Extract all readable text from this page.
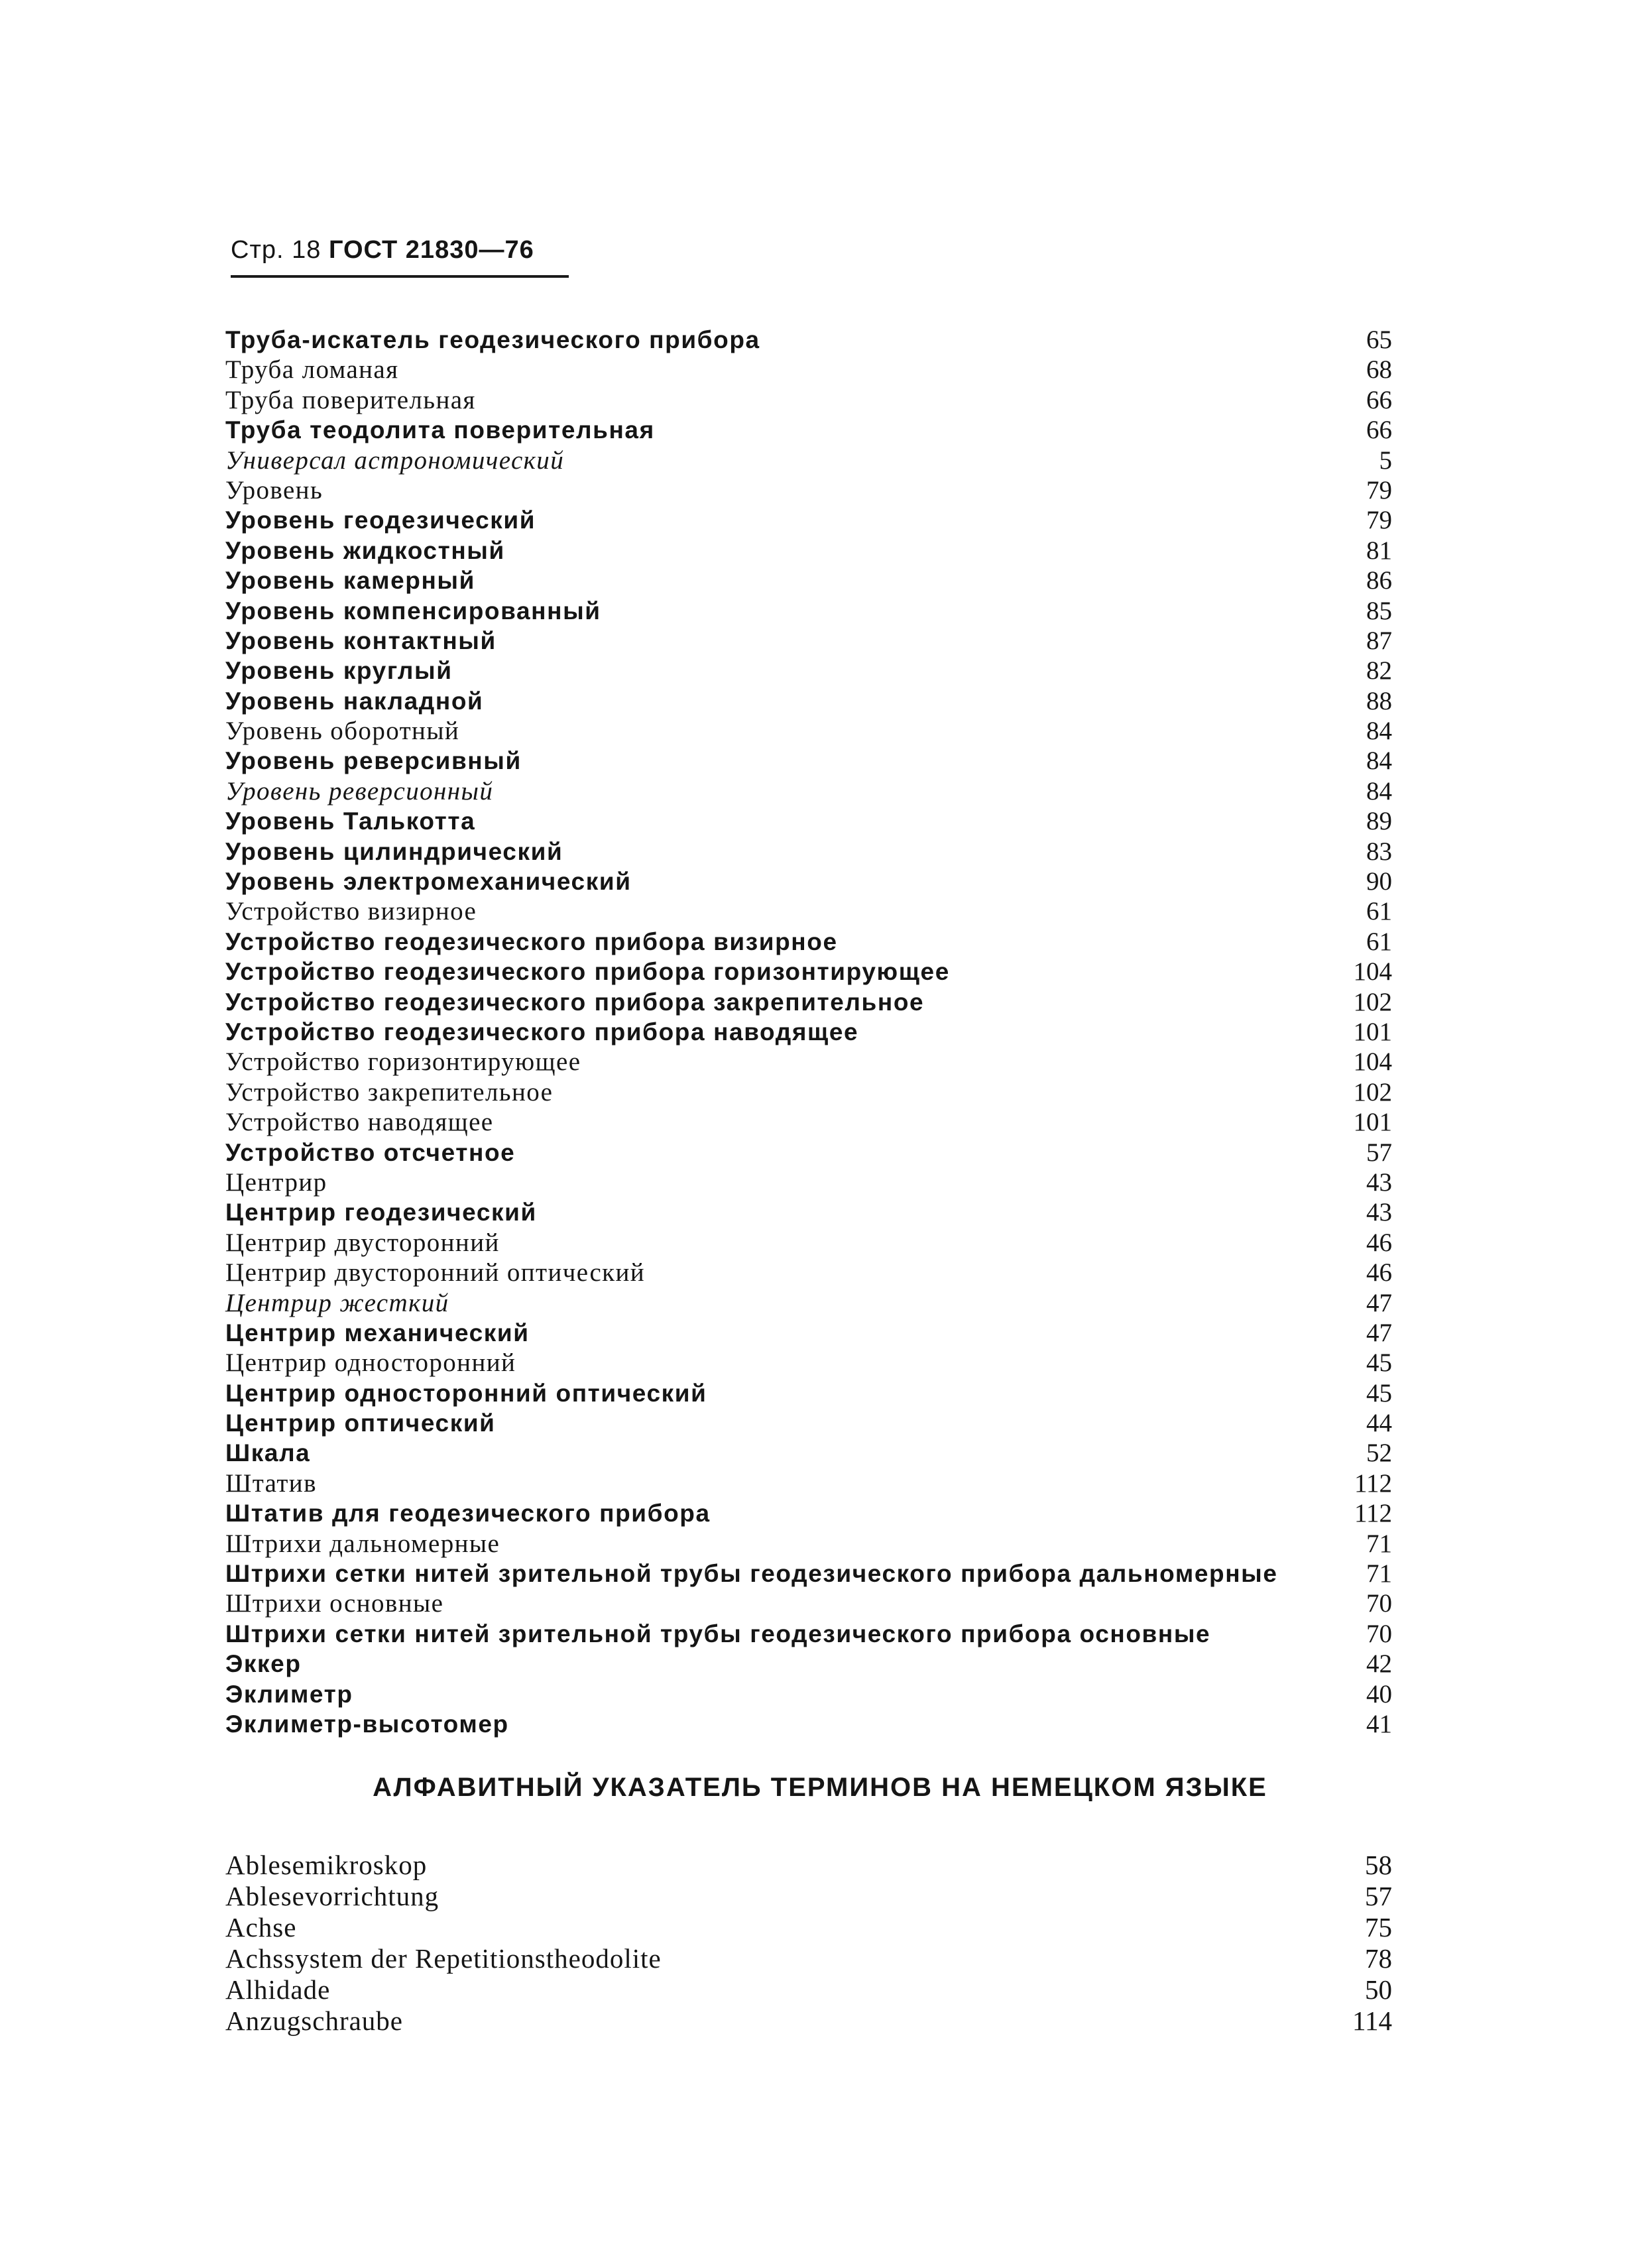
Стр. 18 ГОСТ 21830—76
Труба-искатель геодезического прибора	65
Труба ломаная	68
Труба поверительная	66
Труба теодолита поверительная	66
Универсал астрономический	5
Уровень	79
Уровень геодезический	79
Уровень жидкостный	81
Уровень камерный	86
Уровень компенсированный	85
Уровень контактный	87
Уровень круглый	82
Уровень накладной	88
Уровень оборотный	84
Уровень реверсивный	84
Уровень реверсионный	84
Уровень Талькотта	89
Уровень цилиндрический	83
Уровень электромеханический	90
Устройство визирное	61
Устройство геодезического прибора визирное	61
Устройство геодезического прибора горизонтирующее	104
Устройство геодезического прибора закрепительное	102
Устройство геодезического прибора наводящее	101
Устройство горизонтирующее	104
Устройство закрепительное	102
Устройство наводящее	101
Устройство отсчетное	57
Центрир	43
Центрир геодезический	43
Центрир двусторонний	46
Центрир двусторонний оптический	46
Центрир жесткий	47
Центрир механический	47
Центрир односторонний	45
Центрир односторонний оптический	45
Центрир оптический	44
Шкала	52
Штатив	112
Штатив для геодезического прибора	112
Штрихи дальномерные	71
Штрихи сетки нитей зрительной трубы геодезического прибора дальномерные	71
Штрихи основные	70
Штрихи сетки нитей зрительной трубы геодезического прибора основные	70
Эккер	42
Эклиметр	40
Эклиметр-высотомер	41
АЛФАВИТНЫЙ УКАЗАТЕЛЬ ТЕРМИНОВ НА НЕМЕЦКОМ ЯЗЫКЕ
Ablesemikroskop	58
Ablesevorrichtung	57
Achse	75
Achssystem der Repetitionstheodolite	78
Alhidade	50
Anzugschraube	114
